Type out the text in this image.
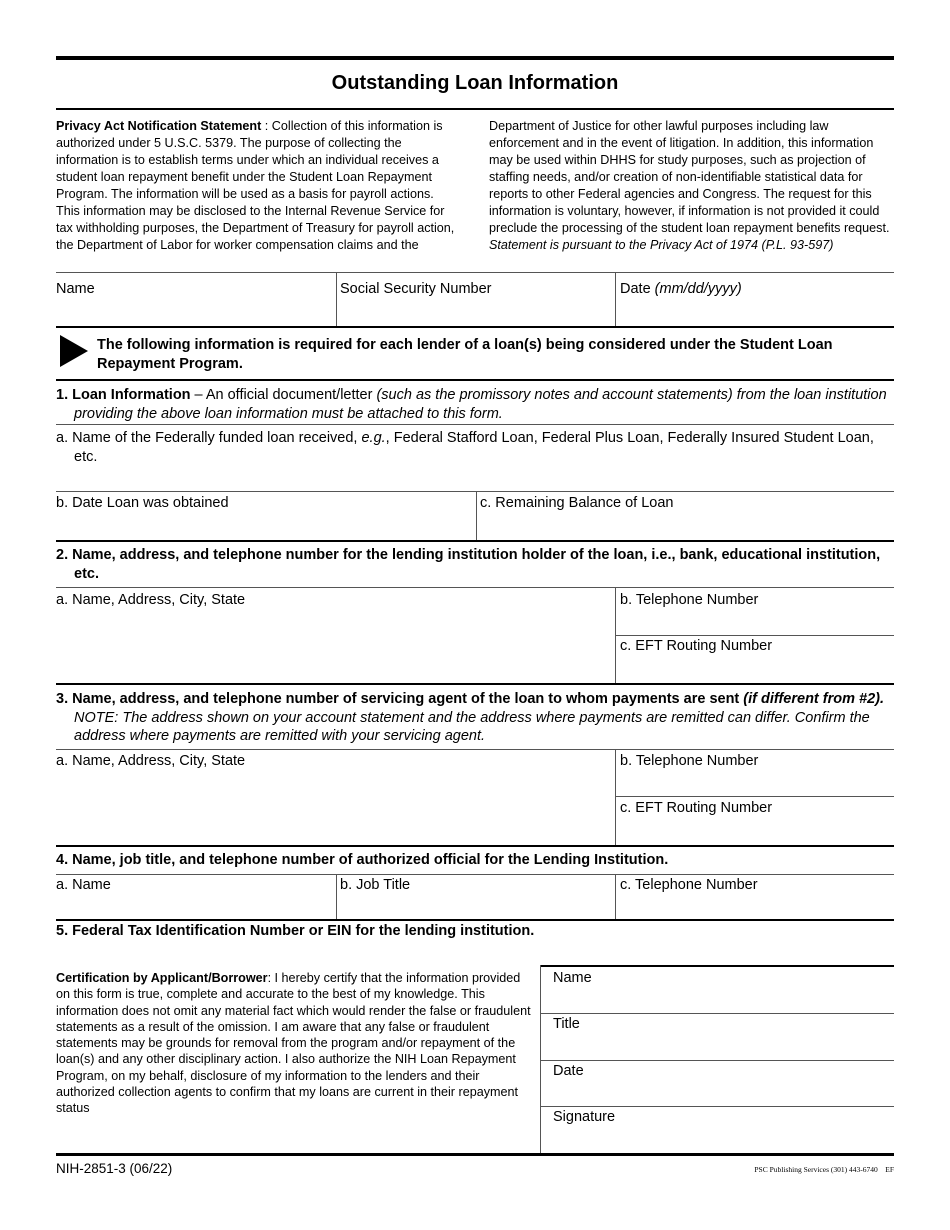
Outstanding Loan Information
Privacy Act Notification Statement : Collection of this information is authorized under 5 U.S.C. 5379. The purpose of collecting the information is to establish terms under which an individual receives a student loan repayment benefit under the Student Loan Repayment Program. The information will be used as a basis for payroll actions. This information may be disclosed to the Internal Revenue Service for tax withholding purposes, the Department of Treasury for payroll action, the Department of Labor for worker compensation claims and the
Department of Justice for other lawful purposes including law enforcement and in the event of litigation. In addition, this information may be used within DHHS for study purposes, such as projection of staffing needs, and/or creation of non-identifiable statistical data for reports to other Federal agencies and Congress. The request for this information is voluntary, however, if information is not provided it could preclude the processing of the student loan repayment benefits request. Statement is pursuant to the Privacy Act of 1974 (P.L. 93-597)
Name	Social Security Number	Date (mm/dd/yyyy)
The following information is required for each lender of a loan(s) being considered under the Student Loan Repayment Program.
1. Loan Information – An official document/letter (such as the promissory notes and account statements) from the loan institution providing the above loan information must be attached to this form.
a. Name of the Federally funded loan received, e.g., Federal Stafford Loan, Federal Plus Loan, Federally Insured Student Loan, etc.
b. Date Loan was obtained	c. Remaining Balance of Loan
2. Name, address, and telephone number for the lending institution holder of the loan, i.e., bank, educational institution, etc.
a. Name, Address, City, State	b. Telephone Number
c. EFT Routing Number
3. Name, address, and telephone number of servicing agent of the loan to whom payments are sent (if different from #2). NOTE: The address shown on your account statement and the address where payments are remitted can differ. Confirm the address where payments are remitted with your servicing agent.
a. Name, Address, City, State	b. Telephone Number
c. EFT Routing Number
4. Name, job title, and telephone number of authorized official for the Lending Institution.
a. Name	b. Job Title	c. Telephone Number
5. Federal Tax Identification Number or EIN for the lending institution.
Certification by Applicant/Borrower: I hereby certify that the information provided on this form is true, complete and accurate to the best of my knowledge. This information does not omit any material fact which would render the false or fraudulent statements as a result of the omission. I am aware that any false or fraudulent statements may be grounds for removal from the program and/or repayment of the loan(s) and any other disciplinary action. I also authorize the NIH Loan Repayment Program, on my behalf, disclosure of my information to the lenders and their authorized collection agents to confirm that my loans are current in their repayment status
Name
Title
Date
Signature
NIH-2851-3 (06/22)	PSC Publishing Services (301) 443-6740 EF
